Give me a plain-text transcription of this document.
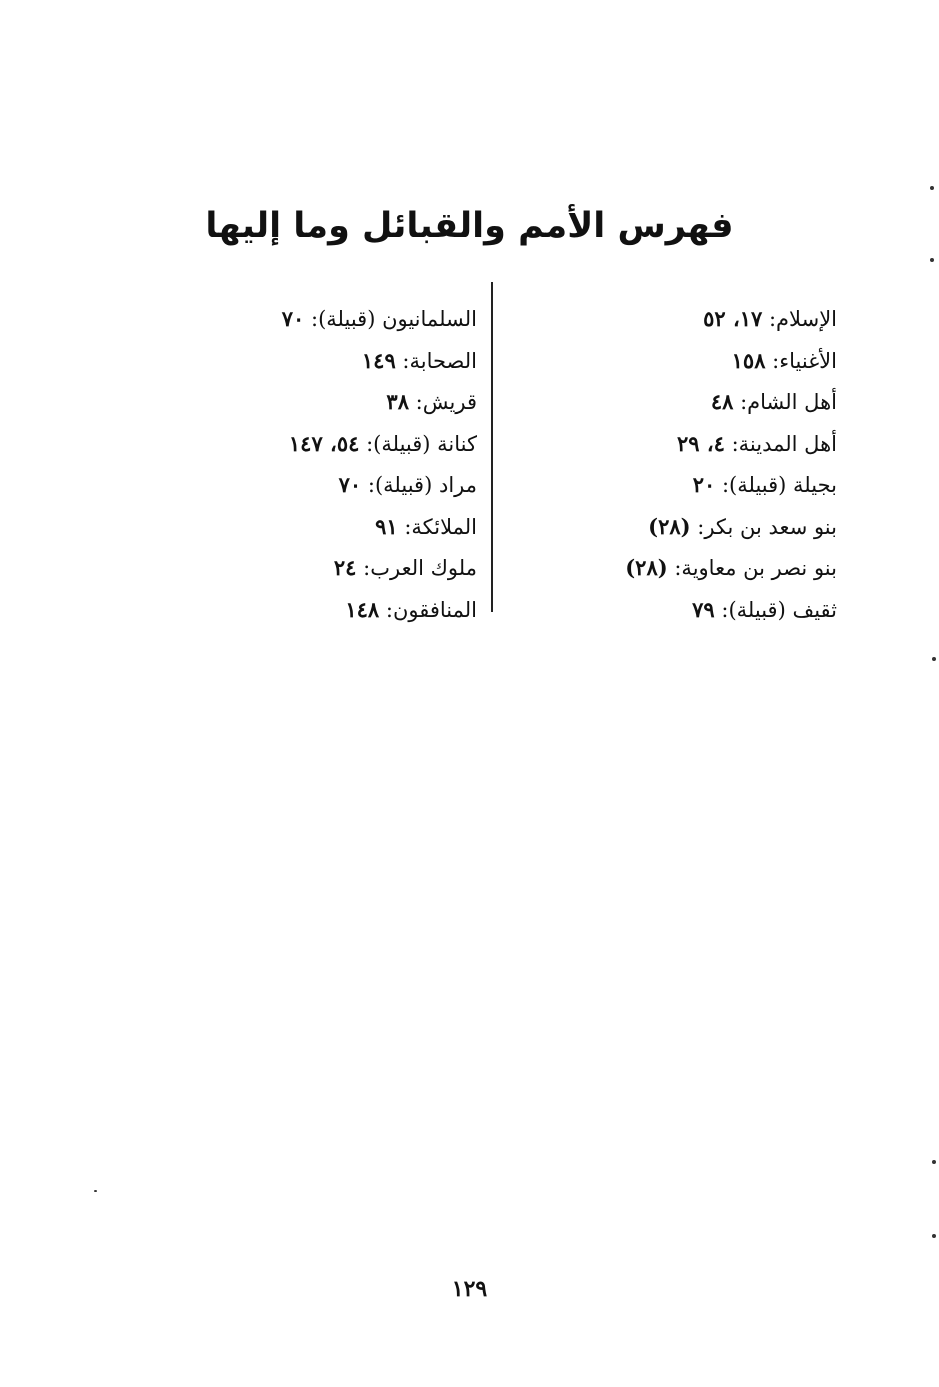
فهرس الأمم والقبائل وما إليها
الإسلام: ١٧، ٥٢
الأغنياء: ١٥٨
أهل الشام: ٤٨
أهل المدينة: ٤، ٢٩
بجيلة (قبيلة): ٢٠
بنو سعد بن بكر: (٢٨)
بنو نصر بن معاوية: (٢٨)
ثقيف (قبيلة): ٧٩
السلمانيون (قبيلة): ٧٠
الصحابة: ١٤٩
قريش: ٣٨
كنانة (قبيلة): ٥٤، ١٤٧
مراد (قبيلة): ٧٠
الملائكة: ٩١
ملوك العرب: ٢٤
المنافقون: ١٤٨
١٢٩
